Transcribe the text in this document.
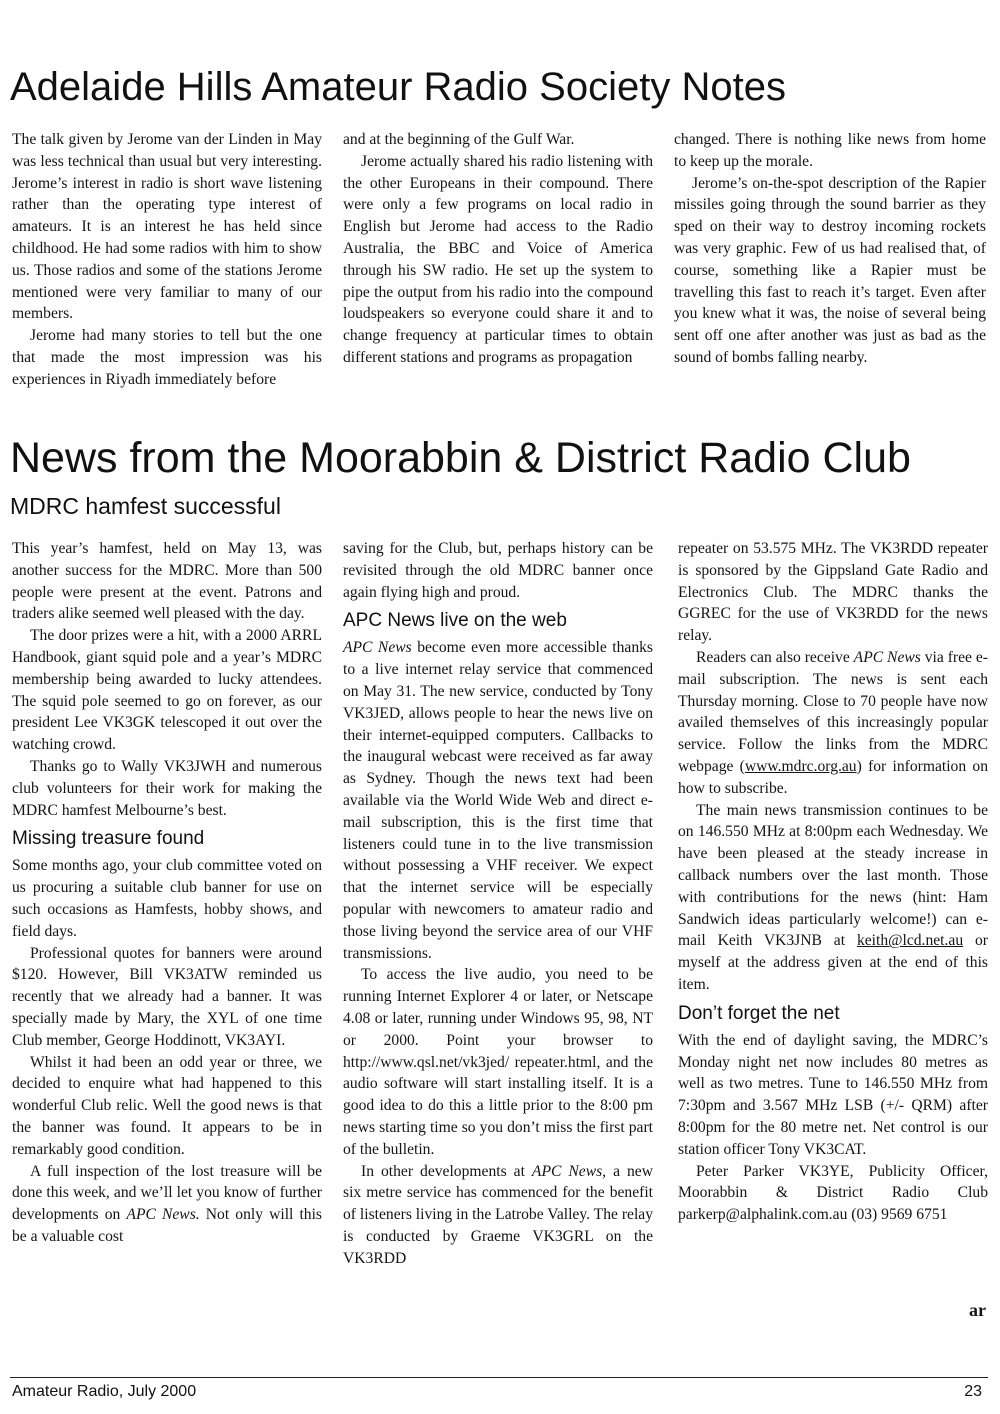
Adelaide Hills Amateur Radio Society Notes

The talk given by Jerome van der Linden in May was less technical than usual but very interesting. Jerome’s interest in radio is short wave listening rather than the operating type interest of amateurs. It is an interest he has held since childhood. He had some radios with him to show us. Those radios and some of the stations Jerome mentioned were very familiar to many of our members.

Jerome had many stories to tell but the one that made the most impression was his experiences in Riyadh immediately before

and at the beginning of the Gulf War.

Jerome actually shared his radio listening with the other Europeans in their compound. There were only a few programs on local radio in English but Jerome had access to the Radio Australia, the BBC and Voice of America through his SW radio. He set up the system to pipe the output from his radio into the compound loudspeakers so everyone could share it and to change frequency at particular times to obtain different stations and programs as propagation

changed. There is nothing like news from home to keep up the morale.

Jerome’s on-the-spot description of the Rapier missiles going through the sound barrier as they sped on their way to destroy incoming rockets was very graphic. Few of us had realised that, of course, something like a Rapier must be travelling this fast to reach it’s target. Even after you knew what it was, the noise of several being sent off one after another was just as bad as the sound of bombs falling nearby.

News from the Moorabbin & District Radio Club
MDRC hamfest successful

This year’s hamfest, held on May 13, was another success for the MDRC. More than 500 people were present at the event. Patrons and traders alike seemed well pleased with the day.

The door prizes were a hit, with a 2000 ARRL Handbook, giant squid pole and a year’s MDRC membership being awarded to lucky attendees. The squid pole seemed to go on forever, as our president Lee VK3GK telescoped it out over the watching crowd.

Thanks go to Wally VK3JWH and numerous club volunteers for their work for making the MDRC hamfest Melbourne’s best.

Missing treasure found

Some months ago, your club committee voted on us procuring a suitable club banner for use on such occasions as Hamfests, hobby shows, and field days.

Professional quotes for banners were around $120. However, Bill VK3ATW reminded us recently that we already had a banner. It was specially made by Mary, the XYL of one time Club member, George Hoddinott, VK3AYI.

Whilst it had been an odd year or three, we decided to enquire what had happened to this wonderful Club relic. Well the good news is that the banner was found. It appears to be in remarkably good condition.

A full inspection of the lost treasure will be done this week, and we’ll let you know of further developments on APC News. Not only will this be a valuable cost

saving for the Club, but, perhaps history can be revisited through the old MDRC banner once again flying high and proud.

APC News live on the web

APC News become even more accessible thanks to a live internet relay service that commenced on May 31. The new service, conducted by Tony VK3JED, allows people to hear the news live on their internet-equipped computers. Callbacks to the inaugural webcast were received as far away as Sydney. Though the news text had been available via the World Wide Web and direct e-mail subscription, this is the first time that listeners could tune in to the live transmission without possessing a VHF receiver. We expect that the internet service will be especially popular with newcomers to amateur radio and those living beyond the service area of our VHF transmissions.

To access the live audio, you need to be running Internet Explorer 4 or later, or Netscape 4.08 or later, running under Windows 95, 98, NT or 2000. Point your browser to http://www.qsl.net/vk3jed/ repeater.html, and the audio software will start installing itself. It is a good idea to do this a little prior to the 8:00 pm news starting time so you don’t miss the first part of the bulletin.

In other developments at APC News, a new six metre service has commenced for the benefit of listeners living in the Latrobe Valley. The relay is conducted by Graeme VK3GRL on the VK3RDD

repeater on 53.575 MHz. The VK3RDD repeater is sponsored by the Gippsland Gate Radio and Electronics Club. The MDRC thanks the GGREC for the use of VK3RDD for the news relay.

Readers can also receive APC News via free e-mail subscription. The news is sent each Thursday morning. Close to 70 people have now availed themselves of this increasingly popular service. Follow the links from the MDRC webpage (www.mdrc.org.au) for information on how to subscribe.

The main news transmission continues to be on 146.550 MHz at 8:00pm each Wednesday. We have been pleased at the steady increase in callback numbers over the last month. Those with contributions for the news (hint: Ham Sandwich ideas particularly welcome!) can e-mail Keith VK3JNB at keith@lcd.net.au or myself at the address given at the end of this item.

Don’t forget the net

With the end of daylight saving, the MDRC’s Monday night net now includes 80 metres as well as two metres. Tune to 146.550 MHz from 7:30pm and 3.567 MHz LSB (+/- QRM) after 8:00pm for the 80 metre net. Net control is our station officer Tony VK3CAT.

Peter Parker VK3YE, Publicity Officer, Moorabbin & District Radio Club parkerp@alphalink.com.au (03) 9569 6751

ar
Amateur Radio, July 2000	23
